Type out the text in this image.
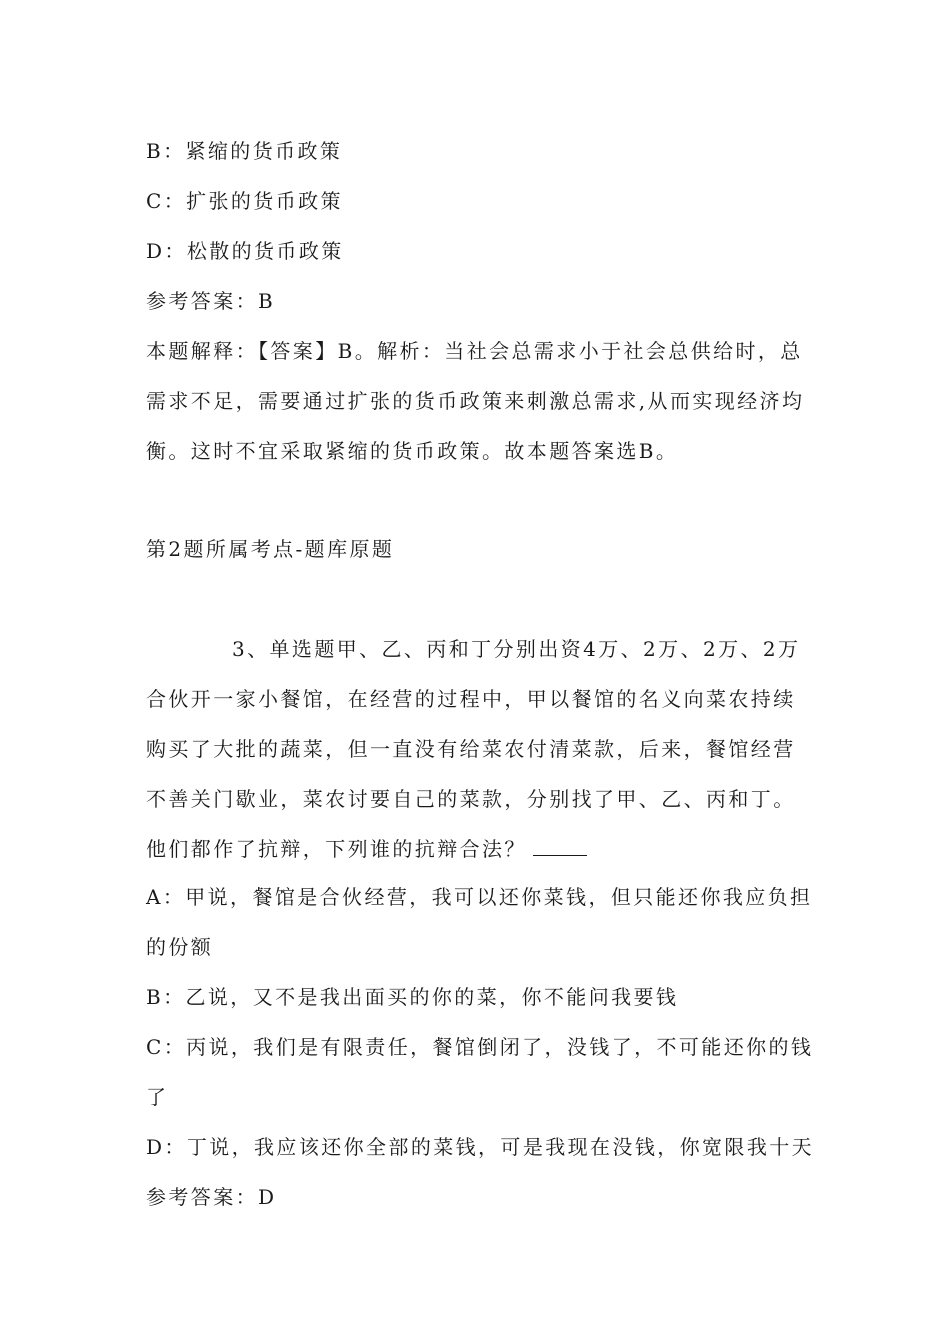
B：紧缩的货币政策
C：扩张的货币政策
D：松散的货币政策
参考答案：B
本题解释：【答案】B。解析：当社会总需求小于社会总供给时，总
需求不足，需要通过扩张的货币政策来刺激总需求,从而实现经济均
衡。这时不宜采取紧缩的货币政策。故本题答案选B。
第2题所属考点-题库原题
3、单选题甲、乙、丙和丁分别出资4万、2万、2万、2万
合伙开一家小餐馆，在经营的过程中，甲以餐馆的名义向菜农持续
购买了大批的蔬菜，但一直没有给菜农付清菜款，后来，餐馆经营
不善关门歇业，菜农讨要自己的菜款，分别找了甲、乙、丙和丁。
他们都作了抗辩，下列谁的抗辩合法？
A：甲说，餐馆是合伙经营，我可以还你菜钱，但只能还你我应负担
的份额
B：乙说，又不是我出面买的你的菜，你不能问我要钱
C：丙说，我们是有限责任，餐馆倒闭了，没钱了，不可能还你的钱
了
D：丁说，我应该还你全部的菜钱，可是我现在没钱，你宽限我十天
参考答案：D
